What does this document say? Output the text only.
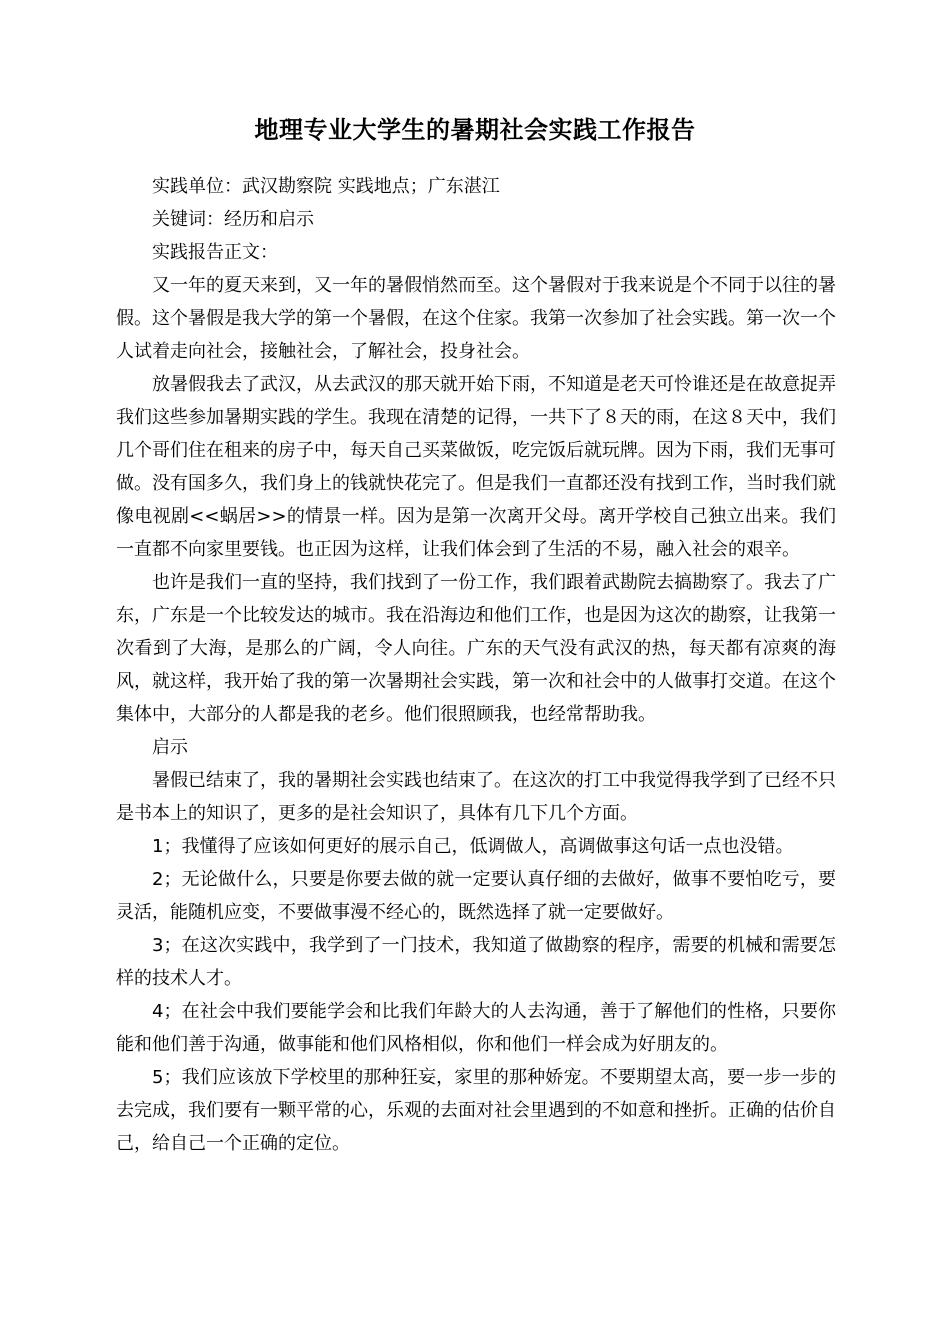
地理专业大学生的暑期社会实践工作报告

实践单位：武汉勘察院 实践地点；广东湛江

关键词：经历和启示

实践报告正文：

又一年的夏天来到，又一年的暑假悄然而至。这个暑假对于我来说是个不同于以往的暑假。这个暑假是我大学的第一个暑假，在这个住家。我第一次参加了社会实践。第一次一个人试着走向社会，接触社会，了解社会，投身社会。

放暑假我去了武汉，从去武汉的那天就开始下雨，不知道是老天可怜谁还是在故意捉弄我们这些参加暑期实践的学生。我现在清楚的记得，一共下了８天的雨，在这８天中，我们几个哥们住在租来的房子中，每天自己买菜做饭，吃完饭后就玩牌。因为下雨，我们无事可做。没有国多久，我们身上的钱就快花完了。但是我们一直都还没有找到工作，当时我们就像电视剧<<蜗居>>的情景一样。因为是第一次离开父母。离开学校自己独立出来。我们一直都不向家里要钱。也正因为这样，让我们体会到了生活的不易，融入社会的艰辛。

也许是我们一直的坚持，我们找到了一份工作，我们跟着武勘院去搞勘察了。我去了广东，广东是一个比较发达的城市。我在沿海边和他们工作，也是因为这次的勘察，让我第一次看到了大海，是那么的广阔，令人向往。广东的天气没有武汉的热，每天都有凉爽的海风，就这样，我开始了我的第一次暑期社会实践，第一次和社会中的人做事打交道。在这个集体中，大部分的人都是我的老乡。他们很照顾我，也经常帮助我。

启示

暑假已结束了，我的暑期社会实践也结束了。在这次的打工中我觉得我学到了已经不只是书本上的知识了，更多的是社会知识了，具体有几下几个方面。

1；我懂得了应该如何更好的展示自己，低调做人，高调做事这句话一点也没错。

2；无论做什么，只要是你要去做的就一定要认真仔细的去做好，做事不要怕吃亏，要灵活，能随机应变，不要做事漫不经心的，既然选择了就一定要做好。

3；在这次实践中，我学到了一门技术，我知道了做勘察的程序，需要的机械和需要怎样的技术人才。

4；在社会中我们要能学会和比我们年龄大的人去沟通，善于了解他们的性格，只要你能和他们善于沟通，做事能和他们风格相似，你和他们一样会成为好朋友的。

5；我们应该放下学校里的那种狂妄，家里的那种娇宠。不要期望太高，要一步一步的去完成，我们要有一颗平常的心，乐观的去面对社会里遇到的不如意和挫折。正确的估价自己，给自己一个正确的定位。
